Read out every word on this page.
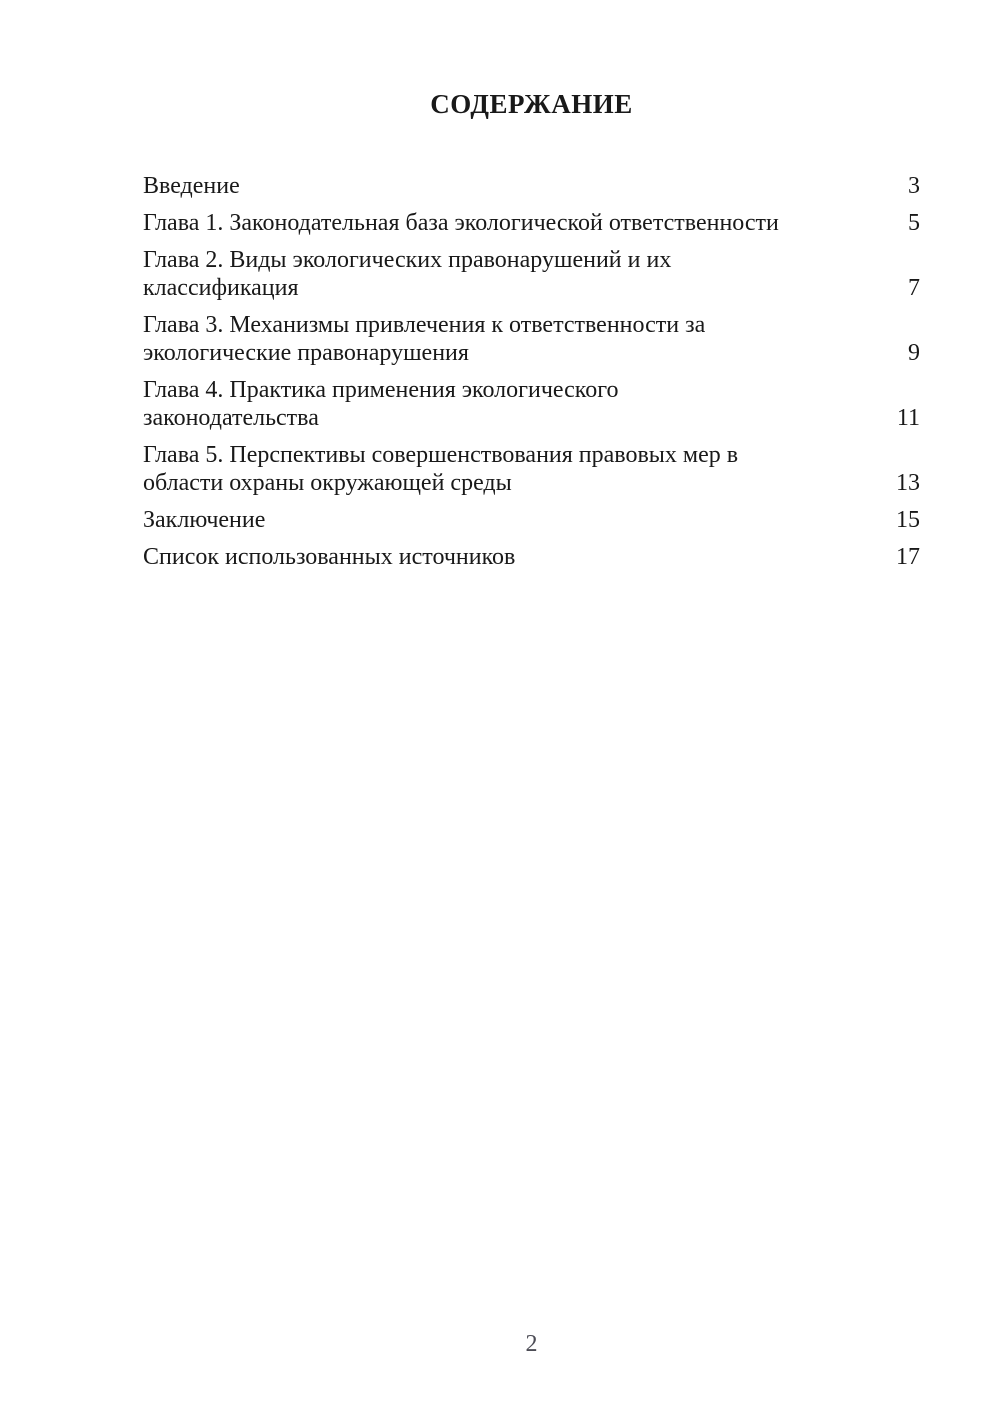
СОДЕРЖАНИЕ
Введение	3
Глава 1. Законодательная база экологической ответственности	5
Глава 2. Виды экологических правонарушений и их
классификация	7
Глава 3. Механизмы привлечения к ответственности за
экологические правонарушения	9
Глава 4. Практика применения экологического
законодательства	11
Глава 5. Перспективы совершенствования правовых мер в
области охраны окружающей среды	13
Заключение	15
Список использованных источников	17
2
